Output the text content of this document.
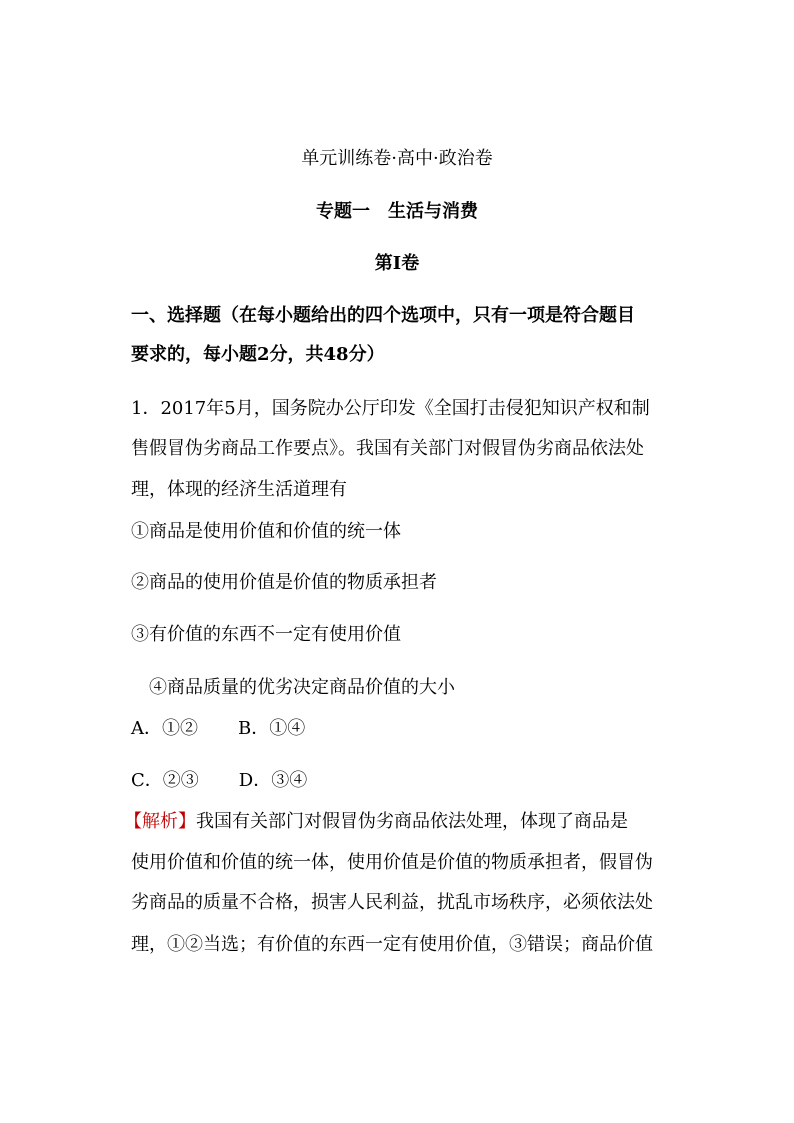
单元训练卷·高中·政治卷
专题一　生活与消费
第Ⅰ卷
一、选择题（在每小题给出的四个选项中，只有一项是符合题目
要求的，每小题2分，共48分）
1．2017年5月，国务院办公厅印发《全国打击侵犯知识产权和制
售假冒伪劣商品工作要点》。我国有关部门对假冒伪劣商品依法处
理，体现的经济生活道理有
①商品是使用价值和价值的统一体
②商品的使用价值是价值的物质承担者
③有价值的东西不一定有使用价值
④商品质量的优劣决定商品价值的大小
A．①② B．①④
C．②③ D．③④
【解析】我国有关部门对假冒伪劣商品依法处理，体现了商品是
使用价值和价值的统一体，使用价值是价值的物质承担者，假冒伪
劣商品的质量不合格，损害人民利益，扰乱市场秩序，必须依法处
理，①②当选；有价值的东西一定有使用价值，③错误；商品价值
